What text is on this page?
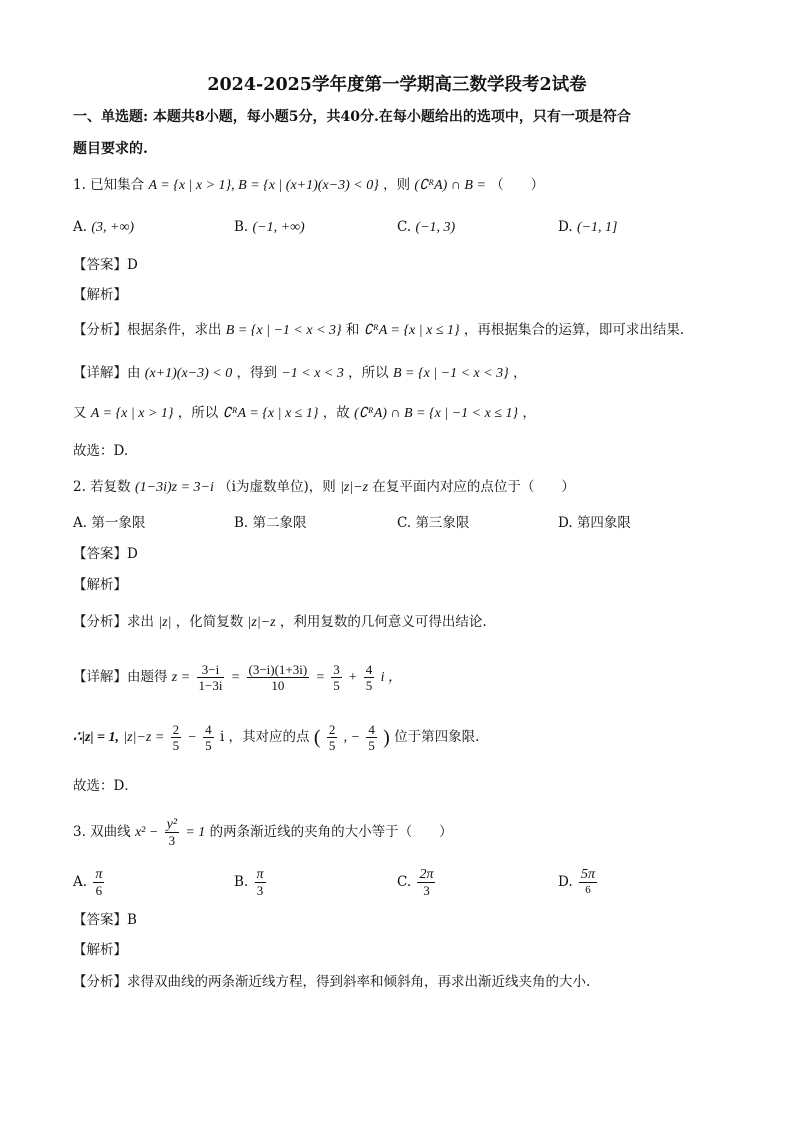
2024-2025学年度第一学期高三数学段考2试卷
一、单选题: 本题共8小题，每小题5分，共40分.在每小题给出的选项中，只有一项是符合
题目要求的.
1. 已知集合 A = {x | x > 1}, B = {x | (x+1)(x−3) < 0} ，则 (∁ᴿA) ∩ B = （　　）
A. (3, +∞)	B. (−1, +∞)	C. (−1, 3)	D. (−1, 1]
【答案】D
【解析】
【分析】根据条件，求出 B = {x | −1 < x < 3} 和 ∁ᴿA = {x | x ≤ 1} ，再根据集合的运算，即可求出结果.
【详解】由 (x+1)(x−3) < 0 ，得到 −1 < x < 3 ，所以 B = {x | −1 < x < 3} ，
又 A = {x | x > 1} ，所以 ∁ᴿA = {x | x ≤ 1} ，故 (∁ᴿA) ∩ B = {x | −1 < x ≤ 1} ，
故选：D.
2. 若复数 (1−3i)z = 3−i （i为虚数单位)，则 |z|−z 在复平面内对应的点位于（　　）
A. 第一象限	B. 第二象限	C. 第三象限	D. 第四象限
【答案】D
【解析】
【分析】求出 |z| ，化简复数 |z|−z ，利用复数的几何意义可得出结论.
【详解】由题得 $z = \frac{3-i}{1-3i} = \frac{(3-i)(1+3i)}{10} = \frac{3}{5} + \frac{4}{5}$ i ，
∴|z| = 1, $|z|-z = \frac{2}{5} - \frac{4}{5}$ i ，其对应的点 ( $\frac{2}{5}$ , − $\frac{4}{5}$ ) 位于第四象限.
故选：D．
3. 双曲线 $x^2 - \frac{\text{y²}}{3} = 1$ 的两条渐近线的夹角的大小等于（　　）
A. $\frac{\pi}{6}$	B. $\frac{\pi}{3}$	C. $\frac{2\pi}{3}$	D. $\frac{5\pi}{6}$
【答案】B
【解析】
【分析】求得双曲线的两条渐近线方程，得到斜率和倾斜角，再求出渐近线夹角的大小.
